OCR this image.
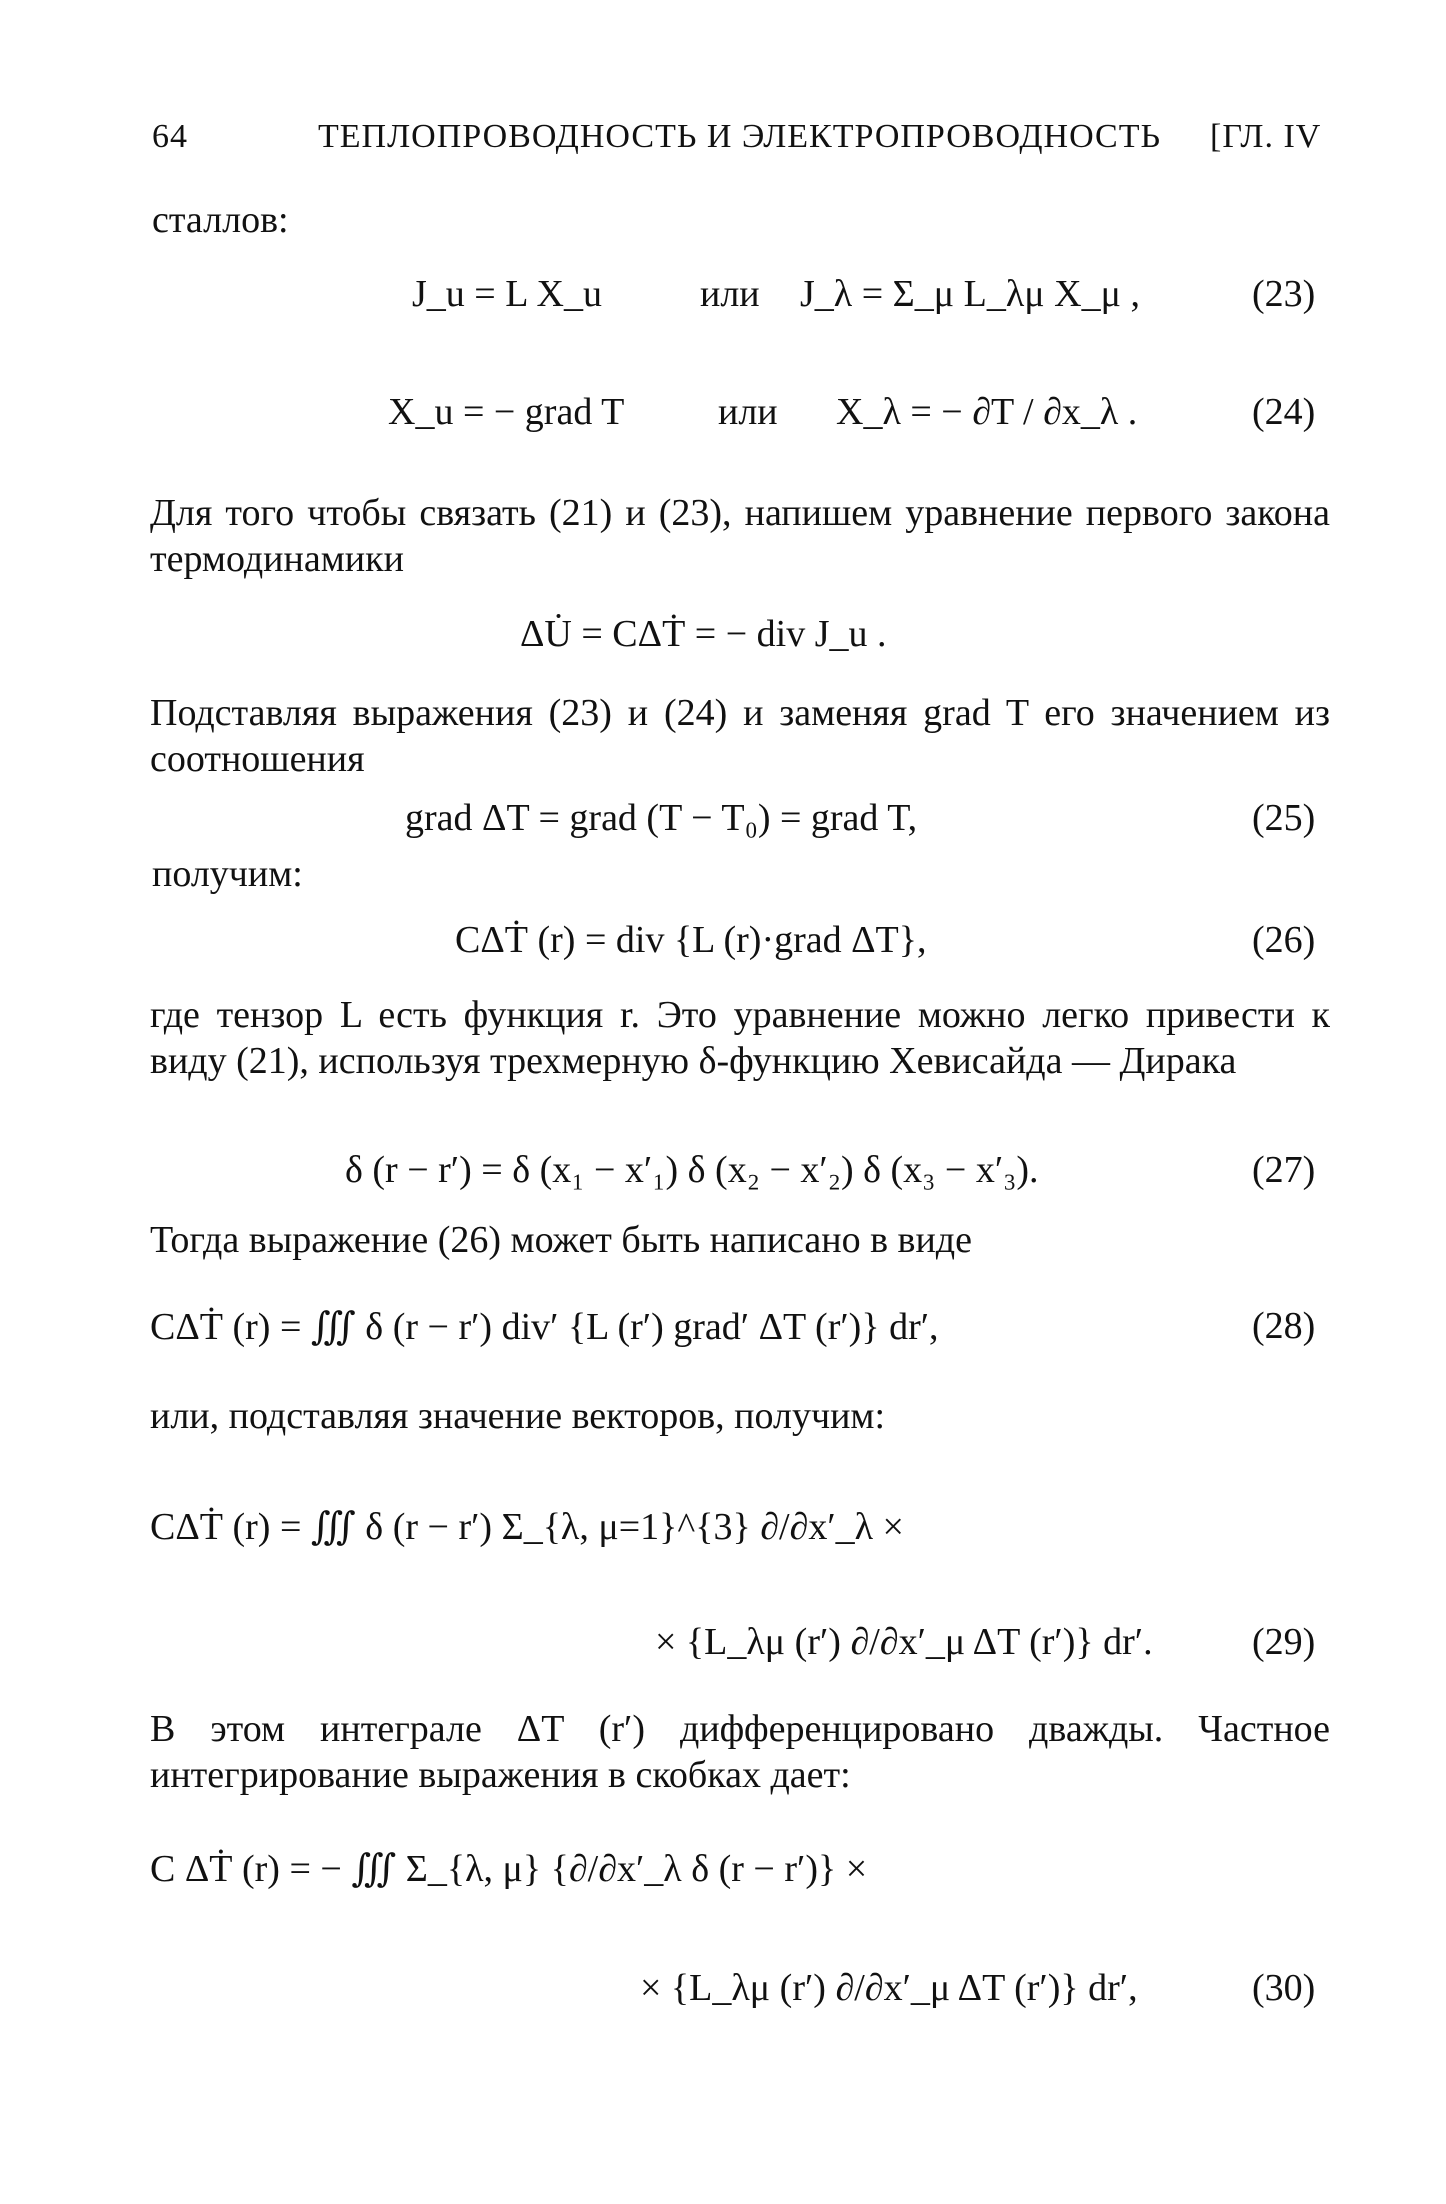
64	ТЕПЛОПРОВОДНОСТЬ И ЭЛЕКТРОПРОВОДНОСТЬ [ГЛ. IV
сталлов:
J_u = L X_u	или J_λ = Σ_μ L_λμ X_μ ,	(23)
X_u = − grad T или X_λ = − ∂T / ∂x_λ .	(24)
Для того чтобы связать (21) и (23), напишем уравнение первого закона термодинамики
ΔU̇ = CΔṪ = − div J_u .
Подставляя выражения (23) и (24) и заменяя grad T его значением из соотношения
grad ΔT = grad (T − T₀) = grad T,	(25)
получим:
CΔṪ (r) = div {L (r)·grad ΔT},	(26)
где тензор L есть функция r. Это уравнение можно легко привести к виду (21), используя трехмерную δ-функцию Хевисайда — Дирака
δ (r − r′) = δ (x₁ − x′₁) δ (x₂ − x′₂) δ (x₃ − x′₃).	(27)
Тогда выражение (26) может быть написано в виде
CΔṪ (r) = ∭ δ (r − r′) div′ {L (r′) grad′ ΔT (r′)} dr′,	(28)
или, подставляя значение векторов, получим:
CΔṪ (r) = ∭ δ (r − r′) Σ_{λ, μ=1}^{3} ∂/∂x′_λ ×
× {L_λμ (r′) ∂/∂x′_μ ΔT (r′)} dr′.	(29)
В этом интеграле ΔT (r′) дифференцировано дважды. Частное интегрирование выражения в скобках дает:
C ΔṪ (r) = − ∭ Σ_{λ, μ} {∂/∂x′_λ δ (r − r′)} ×
× {L_λμ (r′) ∂/∂x′_μ ΔT (r′)} dr′,	(30)
